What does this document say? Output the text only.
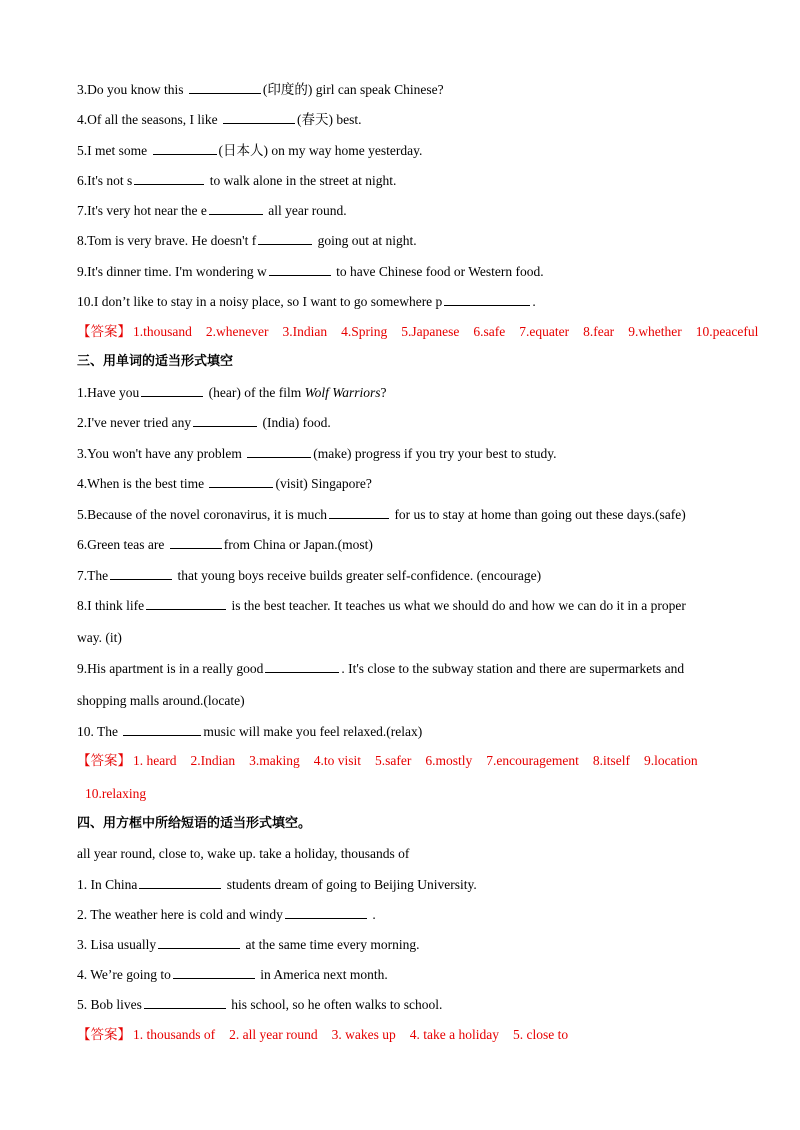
3.Do you know this	(印度的) girl can speak Chinese?
4.Of all the seasons, I like	(春天) best.
5.I met some	(日本人) on my way home yesterday.
6.It's not s	to walk alone in the street at night.
7.It's very hot near the e	all year round.
8.Tom is very brave. He doesn't f	going out at night.
9.It's dinner time. I'm wondering w	to have Chinese food or Western food.
10.I don’t like to stay in a noisy place, so I want to go somewhere p	.
【答案】 1.thousand 2.whenever 3.Indian 4.Spring 5.Japanese 6.safe 7.equater 8.fear 9.whether 10.peaceful
三、用单词的适当形式填空
1.Have you	(hear) of the film Wolf Warriors?
2.I've never tried any	(India) food.
3.You won't have any problem	(make) progress if you try your best to study.
4.When is the best time	(visit) Singapore?
5.Because of the novel coronavirus, it is much	for us to stay at home than going out these days.(safe)
6.Green teas are	from China or Japan.(most)
7.The	that young boys receive builds greater self-confidence. (encourage)
8.I think life	is the best teacher. It teaches us what we should do and how we can do it in a proper
way. (it)
9.His apartment is in a really good	. It's close to the subway station and there are supermarkets and
shopping malls around.(locate)
10. The	music will make you feel relaxed.(relax)
【答案】 1. heard 2.Indian 3.making 4.to visit 5.safer 6.mostly 7.encouragement 8.itself 9.location
10.relaxing
四、用方框中所给短语的适当形式填空。
all year round, close to, wake up. take a holiday, thousands of
1. In China	students dream of going to Beijing University.
2. The weather here is cold and windy	.
3. Lisa usually	at the same time every morning.
4. We’re going to	in America next month.
5. Bob lives	his school, so he often walks to school.
【答案】 1. thousands of 2. all year round 3. wakes up 4. take a holiday 5. close to
